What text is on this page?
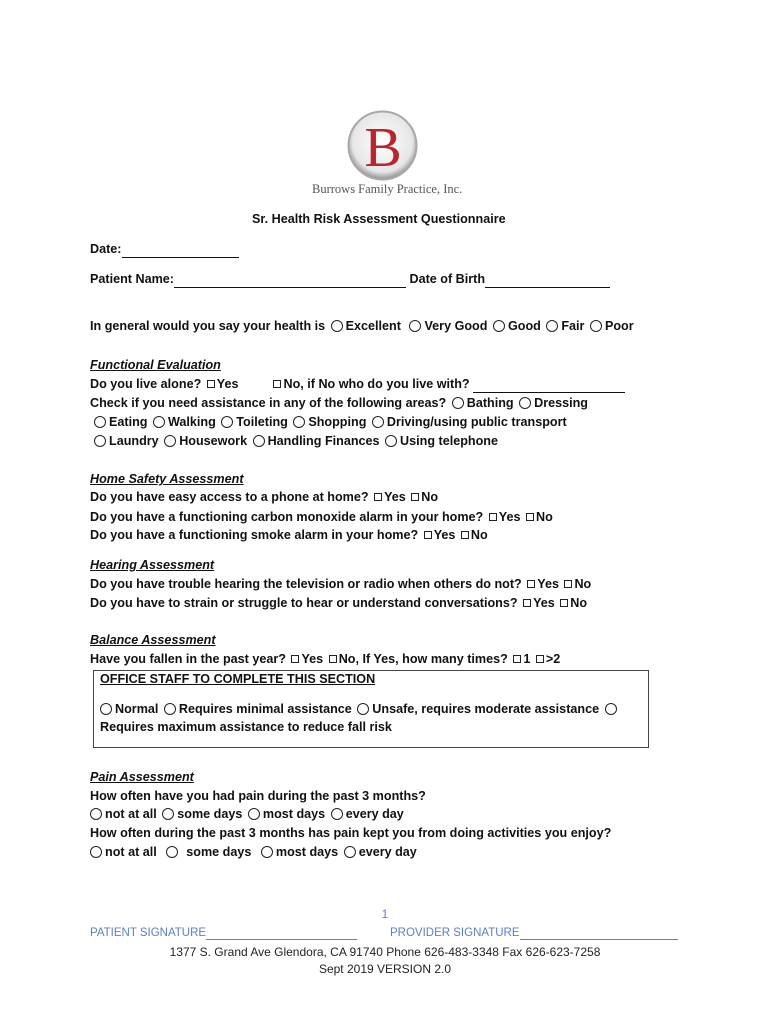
B
Burrows Family Practice, Inc.
Sr. Health Risk Assessment Questionnaire
Date:
Patient Name:	Date of Birth
In general would you say your health is Excellent Very Good Good Fair Poor
Functional Evaluation
Do you live alone? Yes	No, if No who do you live with?
Check if you need assistance in any of the following areas? Bathing Dressing
Eating Walking Toileting Shopping Driving/using public transport
Laundry Housework Handling Finances Using telephone
Home Safety Assessment
Do you have easy access to a phone at home? Yes No
Do you have a functioning carbon monoxide alarm in your home? Yes No
Do you have a functioning smoke alarm in your home? Yes No
Hearing Assessment
Do you have trouble hearing the television or radio when others do not? Yes No
Do you have to strain or struggle to hear or understand conversations? Yes No
Balance Assessment
Have you fallen in the past year? Yes No, If Yes, how many times? 1 >2
OFFICE STAFF TO COMPLETE THIS SECTION
Normal Requires minimal assistance Unsafe, requires moderate assistance
Requires maximum assistance to reduce fall risk
Pain Assessment
How often have you had pain during the past 3 months?
not at all some days most days every day
How often during the past 3 months has pain kept you from doing activities you enjoy?
not at all some days most days every day
1
PATIENT SIGNATURE	PROVIDER SIGNATURE
1377 S. Grand Ave Glendora, CA 91740 Phone 626-483-3348 Fax 626-623-7258
Sept 2019 VERSION 2.0
